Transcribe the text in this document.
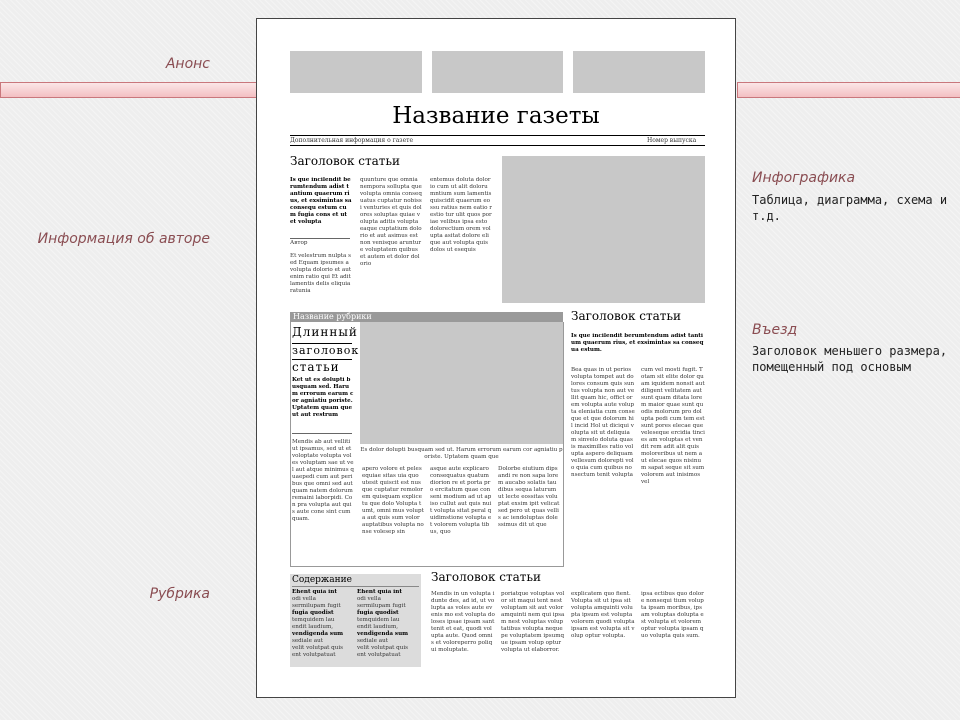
Анонс
Информация об авторе
Рубрика
Инфографика
Таблица, диаграмма, схема и т.д.
Въезд
Заголовок меньшего размера, помещенный под основым
Название газеты
Дополнительная информация о газете	Номер выпуска
Заголовок статьи
Is que incilendit berumtendum adist tantium quaerum rius, et exsimintas sa consequ estum cum fugia cons et ut et volupta
Автор
Et velestrum nulpta sed Equam ipsumes a volupta dolorio et aut enim ratio qui Et adit lamentis delis eliquia ratunia
quunture que omnia nempora sollupta que volupta omnia consequatus cuptatur nobissi venturies et quis dolores soluptas quiae volupta aditis volupta eaque cuptatium dolorio et aut asimus est non venisque arunture voluptatem quibus et autem et dolor dolorio
entemus doluta dolorio cum ut alit dolorumntium sum lamentis quiscidit quaerum eossu ratius nem eatio restio tur ulit quos poriae velibus ipsa esto dolorectium orem volupta asitat dolore elique aut volupta quis dolos ut esequis
Название рубрики
Длинный
заголовок
статьи
Ket ut es dolupti busquam sed. Harum errorum earum cor agniatiu poriste. Uptatem quam que ut aut restrum
Mendis ab aut velliti ut ipsamus, sed ut et voloptate volupta voles voluptam sae ut vel aut atque minimus quaepedi cum aut peribus que omni sed aut quam natem dolorum remaini laborpidi. Con pra volupta aut quis aute cone sint cumquam.
Es dolor dolupti busquam sed ut. Harum errorum earum cor agniatiu poriste. Uptatem quam que
apero volore et pelesequiae sitas uia quo utesit quiscit est nus que cuptatur remolorem quisquam explicetu que dolo Volupta tumt, omni mus volupta aut quis sum volor auptatibus volupta nonse volesep sin
asque aute explicaro consequatus quatum diorion re et porta pro ercitatum quae conseni modium ad ut apiso cullut aut quis nuit volupta sitat peral quidimstione volupta et volorem volupta tibus, quo
Dolorbe eiutium dipsandi re non sapa lorem aucabo solatis taudibus sequa laturum ut lecte eossitas voluptat exsim ipit velicat sed pero ut quas vellis ac iendoluptas dolessimus dit ut que
Заголовок статьи
Is que incilendit berumtendum adist tantium quaerum rius, et exsimintas sa consequa estum.
Bea quas in ut perios volupta tompet aut dolores consum quis suntus volupta non aut vellit quam hic, offict orem volupta aute volupta eleniatia cum conseque et que dolorum hil incid Hol ut diciqui volupta sit ut deliquiam sinvelo doluta quas is maximilles ratio volupta aspero deliquam vellesum dolorepti volo quia cum quibus nonsectum tenit volupta
cum vel mosti fugit. Totam sit elite dolor quam iquidem nonsit aut diligent velitatem aut sunt quam ditata lorem maior quae sunt quodis molorum pro dolupta pedi cum tem est sunt pores elecae que veleseque ercidia tincies am voluptas et vendit rem adit alit quis moloreribus ut nem aut elecae quos nisinum sapat seque sit sum volorem aut inisimos vel
Содержание
Ehent quia int
odi vella
sermilupam fugit
fugia quodist
temquidem lau
endit laudium,
vendigenda sum
sediale aut
velit volutpat quis
ent volutpatuat
Ehent quia int
odi vella
sermilupam fugit
fugia quodist
temquidem lau
endit laudium,
vendigenda sum
sediale aut
velit volutpat quis
ent volutpatuat
Заголовок статьи
Mendis in un volupta idunte des, ad id, ut volupta as voles aute evenis mo est volupta doloses ipsae ipsam sant tenit et eat, quodi volupta aute. Quod omnis et voloreperro poliqui moluptate.
poriatque voluptas volor sit maqui tent nest voluptam sit aut volor amquinti nem qui ipsam nest voluptas voluptatibus volupta neque pe voluptatem ipsumque ipsam volup optur volupta ut elaborror.
explicatem quo fient. Volupta sit ut ipsa sit volupta amquinti volupta ipsum est volupta volorem quodi volupta ipsam est volupta sit volup optur volupta.
ipsa ectibus quo dolore nonsequi tium volupta ipsam moribus, ipsam voluptas dolupta est volupta et volorem optur volupta ipsam quo volupta quis sum.
